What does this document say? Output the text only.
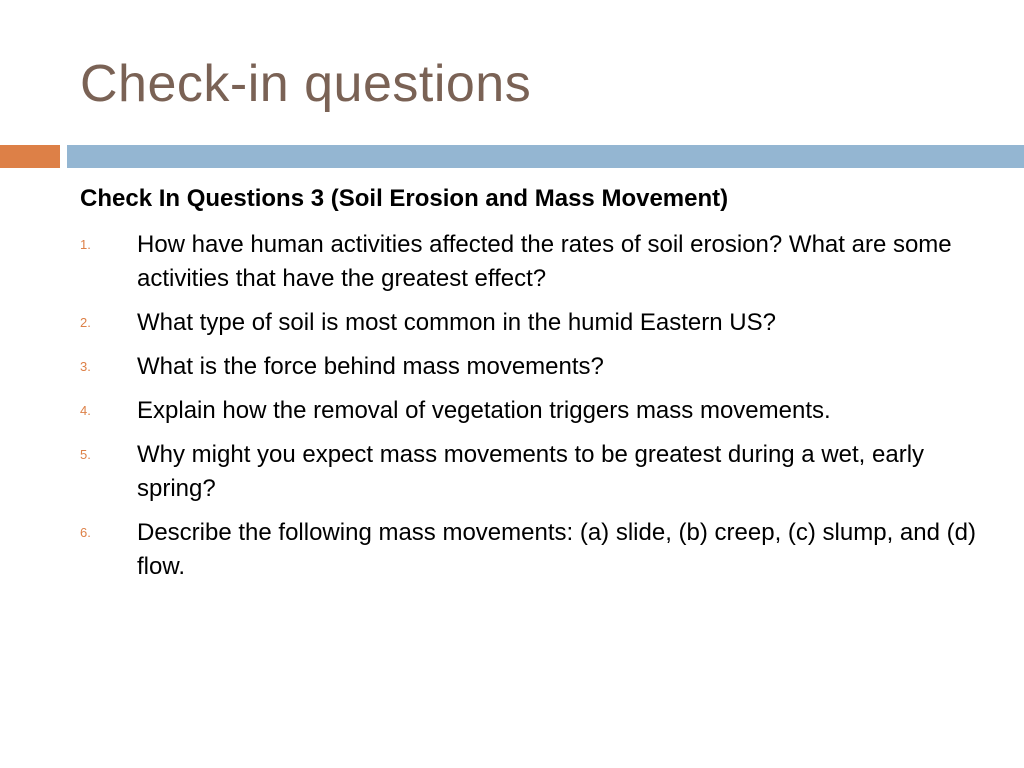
Check-in questions
Check In Questions 3 (Soil Erosion and Mass Movement)
1. How have human activities affected the rates of soil erosion? What are some activities that have the greatest effect?
2. What type of soil is most common in the humid Eastern US?
3. What is the force behind mass movements?
4. Explain how the removal of vegetation triggers mass movements.
5. Why might you expect mass movements to be greatest during a wet, early spring?
6. Describe the following mass movements: (a) slide, (b) creep, (c) slump, and (d) flow.
